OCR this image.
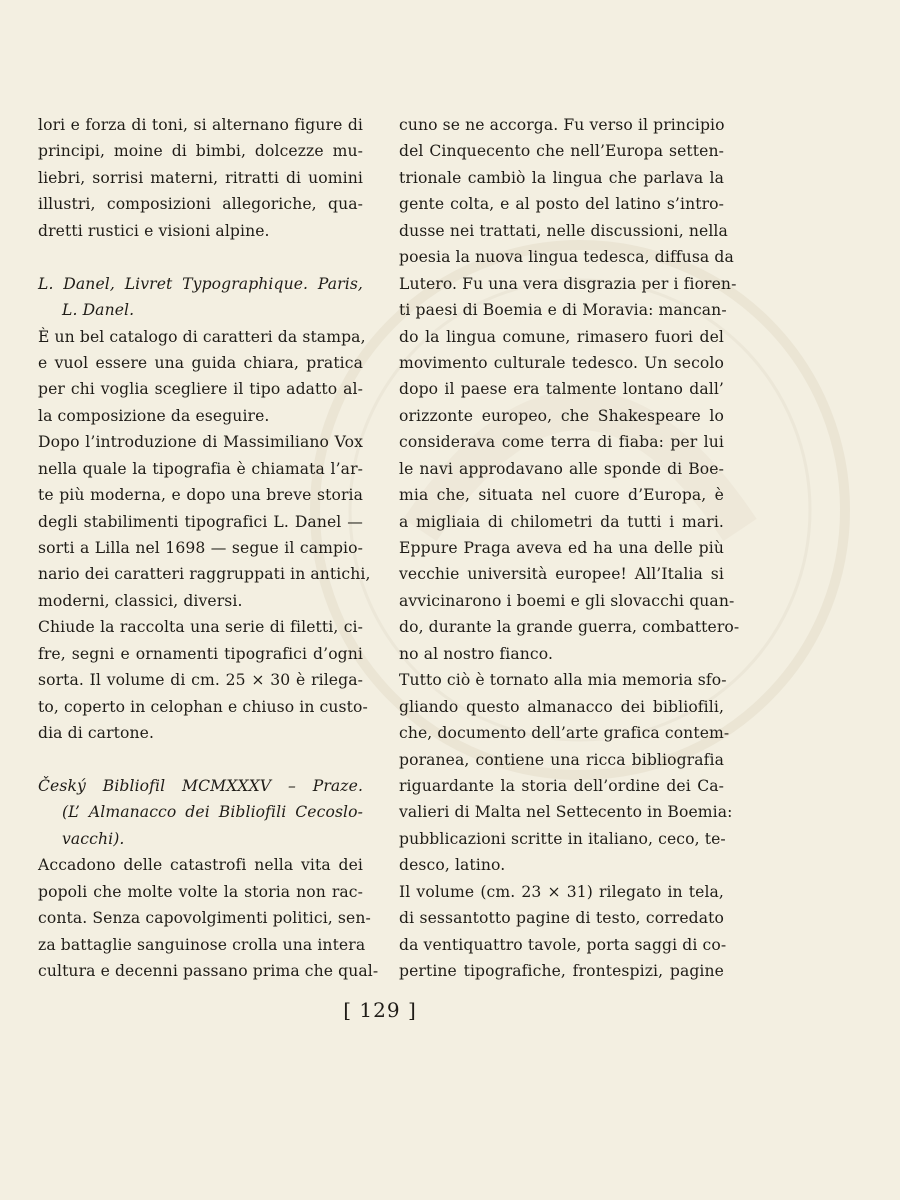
lori e forza di toni, si alternano figure di
principi, moine di bimbi, dolcezze mu-
liebri, sorrisi materni, ritratti di uomini
illustri, composizioni allegoriche, qua-
dretti rustici e visioni alpine.
L. Danel, Livret Typographique. Paris,
L. Danel.
È un bel catalogo di caratteri da stampa,
e vuol essere una guida chiara, pratica
per chi voglia scegliere il tipo adatto al-
la composizione da eseguire.
Dopo l’introduzione di Massimiliano Vox
nella quale la tipografia è chiamata l’ar-
te più moderna, e dopo una breve storia
degli stabilimenti tipografici L. Danel —
sorti a Lilla nel 1698 — segue il campio-
nario dei caratteri raggruppati in antichi,
moderni, classici, diversi.
Chiude la raccolta una serie di filetti, ci-
fre, segni e ornamenti tipografici d’ogni
sorta. Il volume di cm. 25 × 30 è rilega-
to, coperto in celophan e chiuso in custo-
dia di cartone.
Český Bibliofil MCMXXXV – Praze.
(L’ Almanacco dei Bibliofili Cecoslo-
vacchi).
Accadono delle catastrofi nella vita dei
popoli che molte volte la storia non rac-
conta. Senza capovolgimenti politici, sen-
za battaglie sanguinose crolla una intera
cultura e decenni passano prima che qual-
cuno se ne accorga. Fu verso il principio
del Cinquecento che nell’Europa setten-
trionale cambiò la lingua che parlava la
gente colta, e al posto del latino s’intro-
dusse nei trattati, nelle discussioni, nella
poesia la nuova lingua tedesca, diffusa da
Lutero. Fu una vera disgrazia per i fioren-
ti paesi di Boemia e di Moravia: mancan-
do la lingua comune, rimasero fuori del
movimento culturale tedesco. Un secolo
dopo il paese era talmente lontano dall’
orizzonte europeo, che Shakespeare lo
considerava come terra di fiaba: per lui
le navi approdavano alle sponde di Boe-
mia che, situata nel cuore d’Europa, è
a migliaia di chilometri da tutti i mari.
Eppure Praga aveva ed ha una delle più
vecchie università europee! All’Italia si
avvicinarono i boemi e gli slovacchi quan-
do, durante la grande guerra, combattero-
no al nostro fianco.
Tutto ciò è tornato alla mia memoria sfo-
gliando questo almanacco dei bibliofili,
che, documento dell’arte grafica contem-
poranea, contiene una ricca bibliografia
riguardante la storia dell’ordine dei Ca-
valieri di Malta nel Settecento in Boemia:
pubblicazioni scritte in italiano, ceco, te-
desco, latino.
Il volume (cm. 23 × 31) rilegato in tela,
di sessantotto pagine di testo, corredato
da ventiquattro tavole, porta saggi di co-
pertine tipografiche, frontespizi, pagine
[ 129 ]
